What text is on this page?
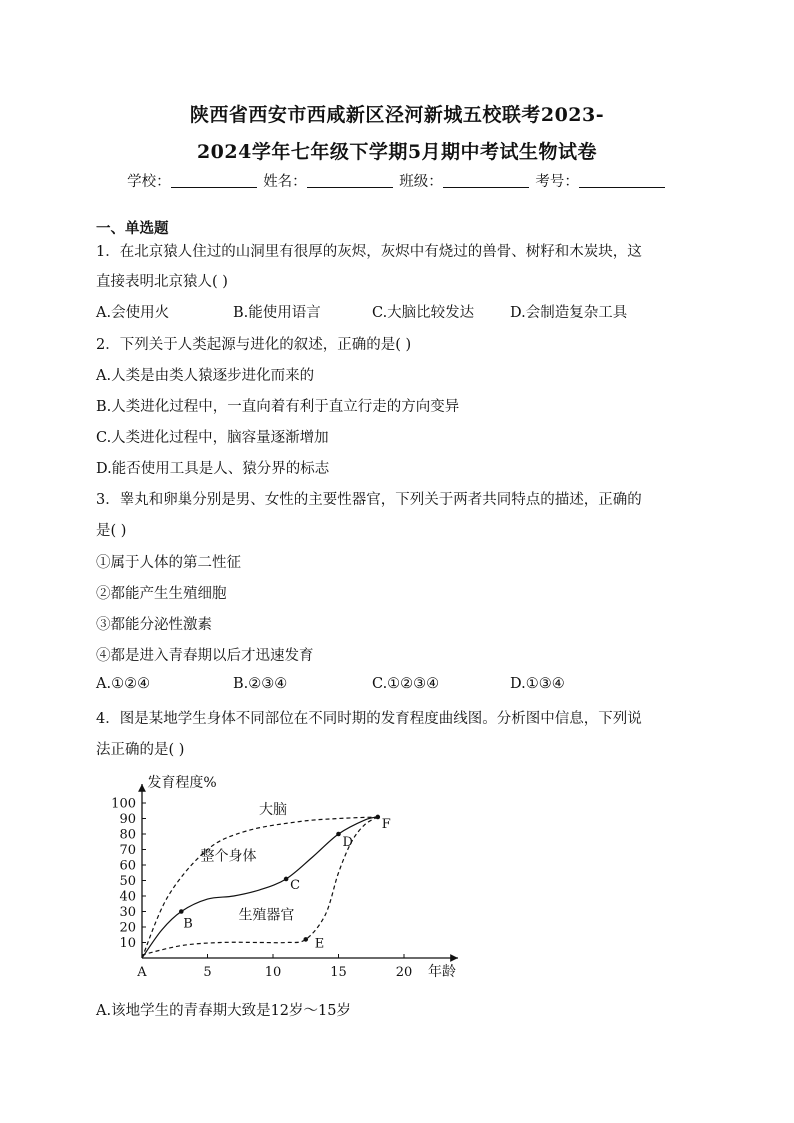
陕西省西安市西咸新区泾河新城五校联考2023-
2024学年七年级下学期5月期中考试生物试卷
学校：	姓名：	班级：	考号：
一、单选题
1．在北京猿人住过的山洞里有很厚的灰烬，灰烬中有烧过的兽骨、树籽和木炭块，这
直接表明北京猿人( )
A.会使用火	B.能使用语言	C.大脑比较发达 D.会制造复杂工具
2．下列关于人类起源与进化的叙述，正确的是( )
A.人类是由类人猿逐步进化而来的
B.人类进化过程中，一直向着有利于直立行走的方向变异
C.人类进化过程中，脑容量逐渐增加
D.能否使用工具是人、猿分界的标志
3．睾丸和卵巢分别是男、女性的主要性器官，下列关于两者共同特点的描述，正确的
是( )
①属于人体的第二性征
②都能产生生殖细胞
③都能分泌性激素
④都是进入青春期以后才迅速发育
A.①②④	B.②③④	C.①②③④	D.①③④
4．图是某地学生身体不同部位在不同时期的发育程度曲线图。分析图中信息，下列说
法正确的是( )
10
20
30
40
50
60
70
80
90
100
5	10	15	20 年龄
发育程度%
A
大脑
整个身体
生殖器官
B
C
D
E
F
A.该地学生的青春期大致是12岁～15岁
